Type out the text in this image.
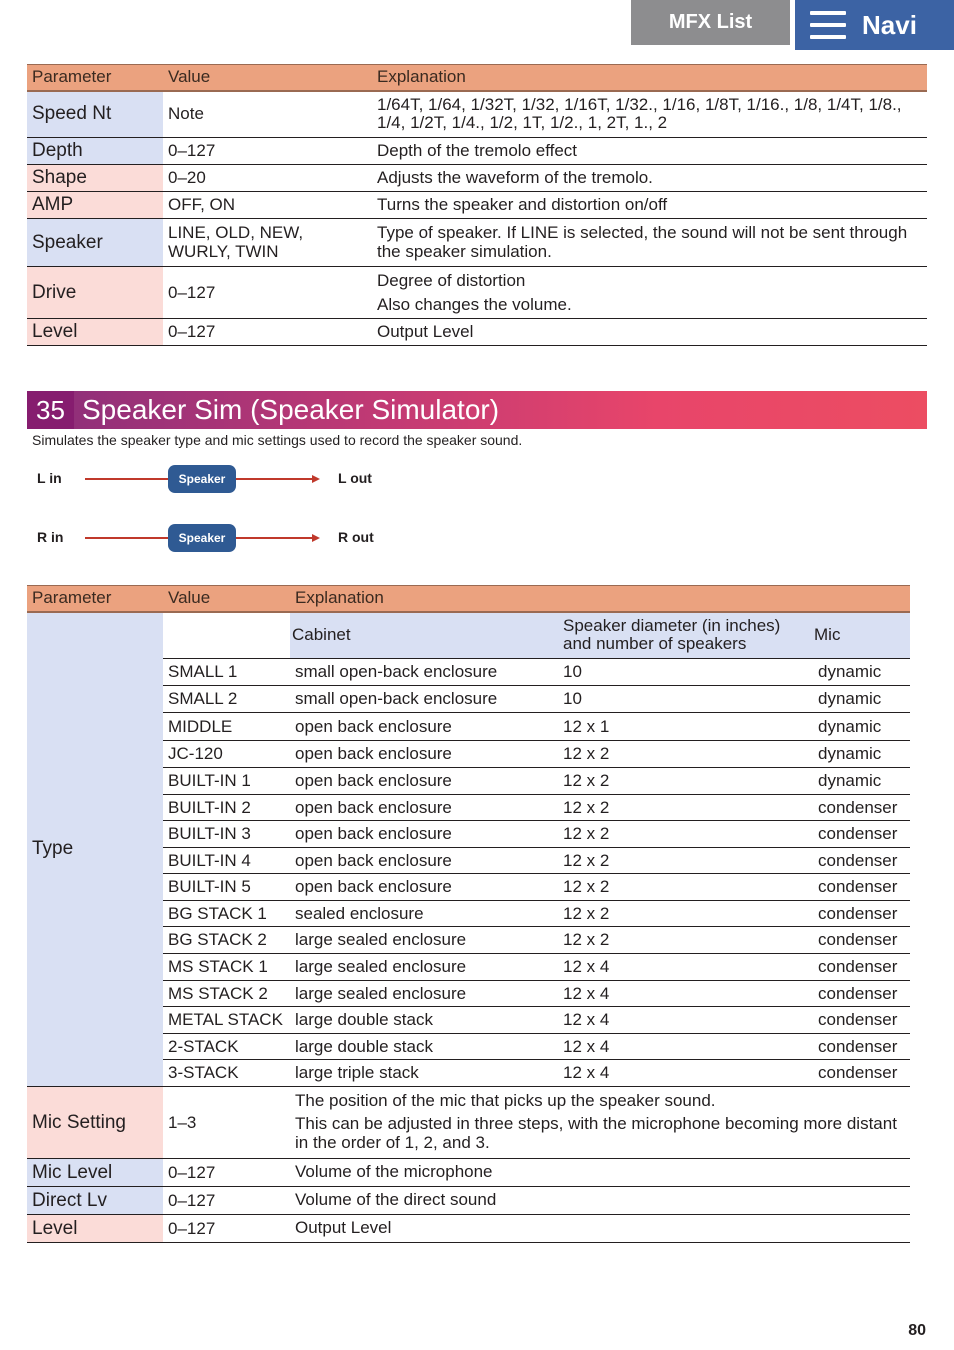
MFX List	Navi
Parameter	Value	Explanation
Speed Nt	Note	1/64T, 1/64, 1/32T, 1/32, 1/16T, 1/32., 1/16, 1/8T, 1/16., 1/8, 1/4T, 1/8., 1/4, 1/2T, 1/4., 1/2, 1T, 1/2., 1, 2T, 1., 2
Depth	0–127	Depth of the tremolo effect
Shape	0–20	Adjusts the waveform of the tremolo.
AMP	OFF, ON	Turns the speaker and distortion on/off
Speaker	LINE, OLD, NEW, WURLY, TWIN	Type of speaker. If LINE is selected, the sound will not be sent through the speaker simulation.
Drive	0–127	Degree of distortion
Also changes the volume.

Level	0–127	Output Level
35 Speaker Sim (Speaker Simulator)
Simulates the speaker type and mic settings used to record the speaker sound.
L in	Speaker	L out
R in	Speaker	R out
Parameter	Value	Explanation		
Type		Cabinet	Speaker diameter (in inches) and number of speakers	Mic
	SMALL 1	small open-back enclosure	10	dynamic
	SMALL 2	small open-back enclosure	10	dynamic
	MIDDLE	open back enclosure	12 x 1	dynamic
	JC-120	open back enclosure	12 x 2	dynamic
	BUILT-IN 1	open back enclosure	12 x 2	dynamic
	BUILT-IN 2	open back enclosure	12 x 2	condenser
	BUILT-IN 3	open back enclosure	12 x 2	condenser
	BUILT-IN 4	open back enclosure	12 x 2	condenser
	BUILT-IN 5	open back enclosure	12 x 2	condenser
	BG STACK 1	sealed enclosure	12 x 2	condenser
	BG STACK 2	large sealed enclosure	12 x 2	condenser
	MS STACK 1	large sealed enclosure	12 x 4	condenser
	MS STACK 2	large sealed enclosure	12 x 4	condenser
	METAL STACK	large double stack	12 x 4	condenser
	2-STACK	large double stack	12 x 4	condenser
	3-STACK	large triple stack	12 x 4	condenser
Mic Setting	1–3	The position of the mic that picks up the speaker sound.
This can be adjusted in three steps, with the microphone becoming more distant in the order of 1, 2, and 3.		

Mic Level	0–127	Volume of the microphone		

Direct Lv	0–127	Volume of the direct sound		

Level	0–127	Output Level		
80
